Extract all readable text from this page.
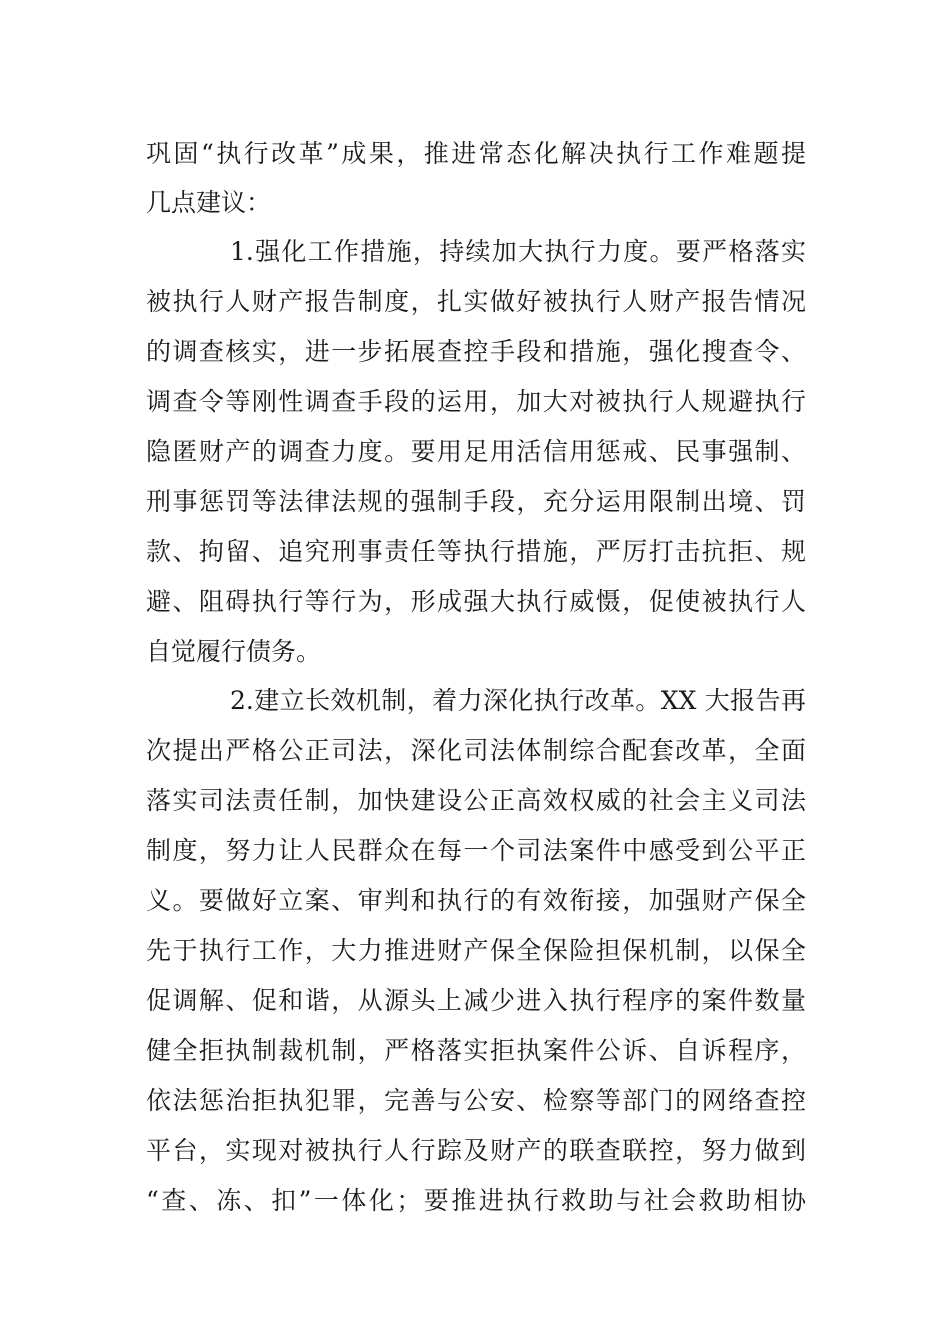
巩固“执行改革”成果，推进常态化解决执行工作难题提
几点建议：
1.强化工作措施，持续加大执行力度。要严格落实
被执行人财产报告制度，扎实做好被执行人财产报告情况
的调查核实，进一步拓展查控手段和措施，强化搜查令、
调查令等刚性调查手段的运用，加大对被执行人规避执行
隐匿财产的调查力度。要用足用活信用惩戒、民事强制、
刑事惩罚等法律法规的强制手段，充分运用限制出境、罚
款、拘留、追究刑事责任等执行措施，严厉打击抗拒、规
避、阻碍执行等行为，形成强大执行威慑，促使被执行人
自觉履行债务。
2.建立长效机制，着力深化执行改革。XX 大报告再
次提出严格公正司法，深化司法体制综合配套改革，全面
落实司法责任制，加快建设公正高效权威的社会主义司法
制度，努力让人民群众在每一个司法案件中感受到公平正
义。要做好立案、审判和执行的有效衔接，加强财产保全
先于执行工作，大力推进财产保全保险担保机制，以保全
促调解、促和谐，从源头上减少进入执行程序的案件数量
健全拒执制裁机制，严格落实拒执案件公诉、自诉程序，
依法惩治拒执犯罪，完善与公安、检察等部门的网络查控
平台，实现对被执行人行踪及财产的联查联控，努力做到
“查、冻、扣”一体化；要推进执行救助与社会救助相协
